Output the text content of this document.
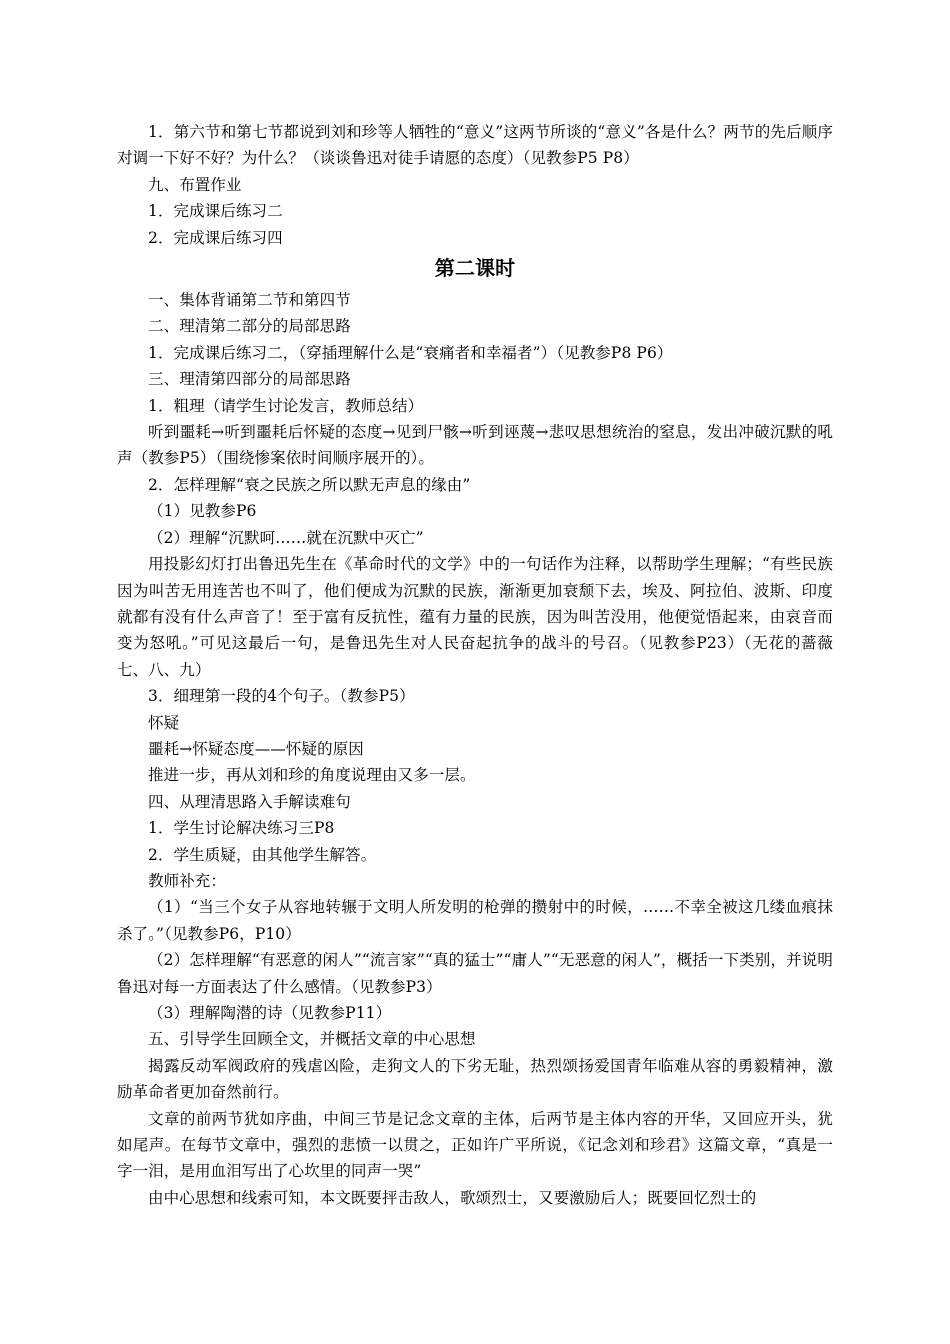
1．第六节和第七节都说到刘和珍等人牺牲的“意义”这两节所谈的“意义”各是什么？两节的先后顺序对调一下好不好？为什么？（谈谈鲁迅对徒手请愿的态度）（见教参P5 P8）

九、布置作业

1．完成课后练习二

2．完成课后练习四

第二课时

一、集体背诵第二节和第四节

二、理清第二部分的局部思路

1．完成课后练习二，（穿插理解什么是“衰痛者和幸福者”）（见教参P8 P6）

三、理清第四部分的局部思路

1．粗理（请学生讨论发言，教师总结）

听到噩耗→听到噩耗后怀疑的态度→见到尸骸→听到诬蔑→悲叹思想统治的窒息，发出冲破沉默的吼声（教参P5）（围绕惨案依时间顺序展开的）。

2．怎样理解“衰之民族之所以默无声息的缘由”

（1）见教参P6

（2）理解“沉默呵……就在沉默中灭亡”

用投影幻灯打出鲁迅先生在《革命时代的文学》中的一句话作为注释，以帮助学生理解；“有些民族因为叫苦无用连苦也不叫了，他们便成为沉默的民族，渐渐更加衰颓下去，埃及、阿拉伯、波斯、印度就都有没有什么声音了！至于富有反抗性，蕴有力量的民族，因为叫苦没用，他便觉悟起来，由哀音而变为怒吼。”可见这最后一句，是鲁迅先生对人民奋起抗争的战斗的号召。（见教参P23）（无花的蔷薇七、八、九）

3．细理第一段的4个句子。（教参P5）

怀疑

噩耗→怀疑态度——怀疑的原因

推进一步，再从刘和珍的角度说理由又多一层。

四、从理清思路入手解读难句

1．学生讨论解决练习三P8

2．学生质疑，由其他学生解答。

教师补充：

（1）“当三个女子从容地转辗于文明人所发明的枪弹的攒射中的时候，……不幸全被这几缕血痕抹杀了。”（见教参P6，P10）

（2）怎样理解“有恶意的闲人”“流言家”“真的猛士”“庸人”“无恶意的闲人”，概括一下类别，并说明鲁迅对每一方面表达了什么感情。（见教参P3）

（3）理解陶潜的诗（见教参P11）

五、引导学生回顾全文，并概括文章的中心思想

揭露反动军阀政府的残虐凶险，走狗文人的下劣无耻，热烈颂扬爱国青年临难从容的勇毅精神，激励革命者更加奋然前行。

文章的前两节犹如序曲，中间三节是记念文章的主体，后两节是主体内容的开华，又回应开头，犹如尾声。在每节文章中，强烈的悲愤一以贯之，正如许广平所说，《记念刘和珍君》这篇文章，“真是一字一泪，是用血泪写出了心坎里的同声一哭”

由中心思想和线索可知，本文既要抨击敌人，歌颂烈士，又要激励后人；既要回忆烈士的
